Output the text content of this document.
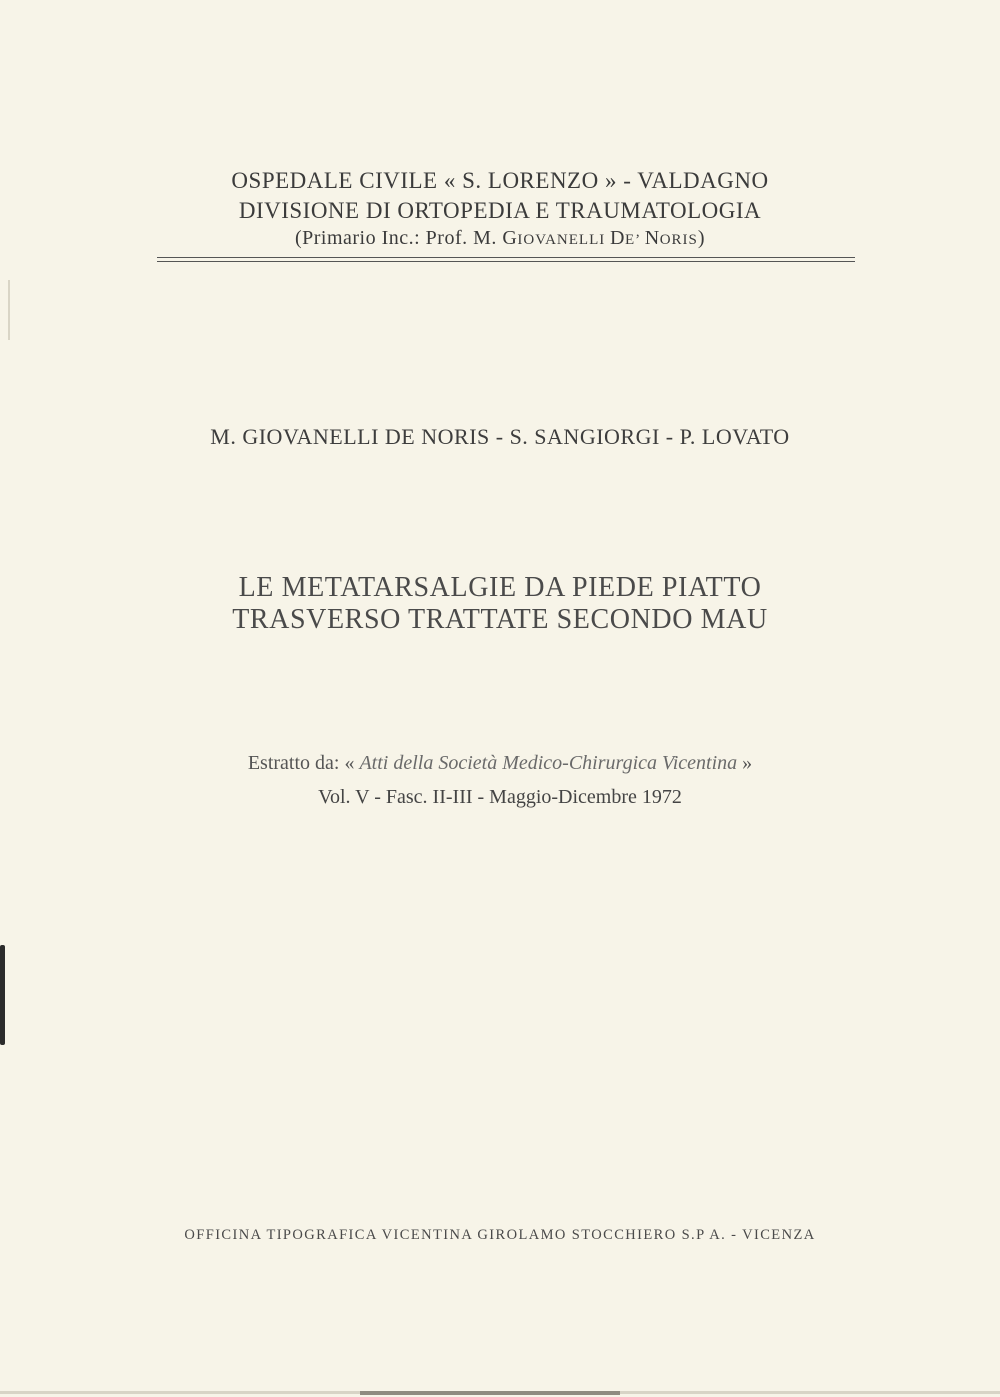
OSPEDALE CIVILE « S. LORENZO » - VALDAGNO
DIVISIONE DI ORTOPEDIA E TRAUMATOLOGIA
(Primario Inc.: Prof. M. GIOVANELLI DE’ NORIS)
M. GIOVANELLI DE NORIS - S. SANGIORGI - P. LOVATO
LE METATARSALGIE DA PIEDE PIATTO
TRASVERSO TRATTATE SECONDO MAU
Estratto da: « Atti della Società Medico-Chirurgica Vicentina »
Vol. V - Fasc. II-III - Maggio-Dicembre 1972
OFFICINA TIPOGRAFICA VICENTINA GIROLAMO STOCCHIERO S.P A. - VICENZA
